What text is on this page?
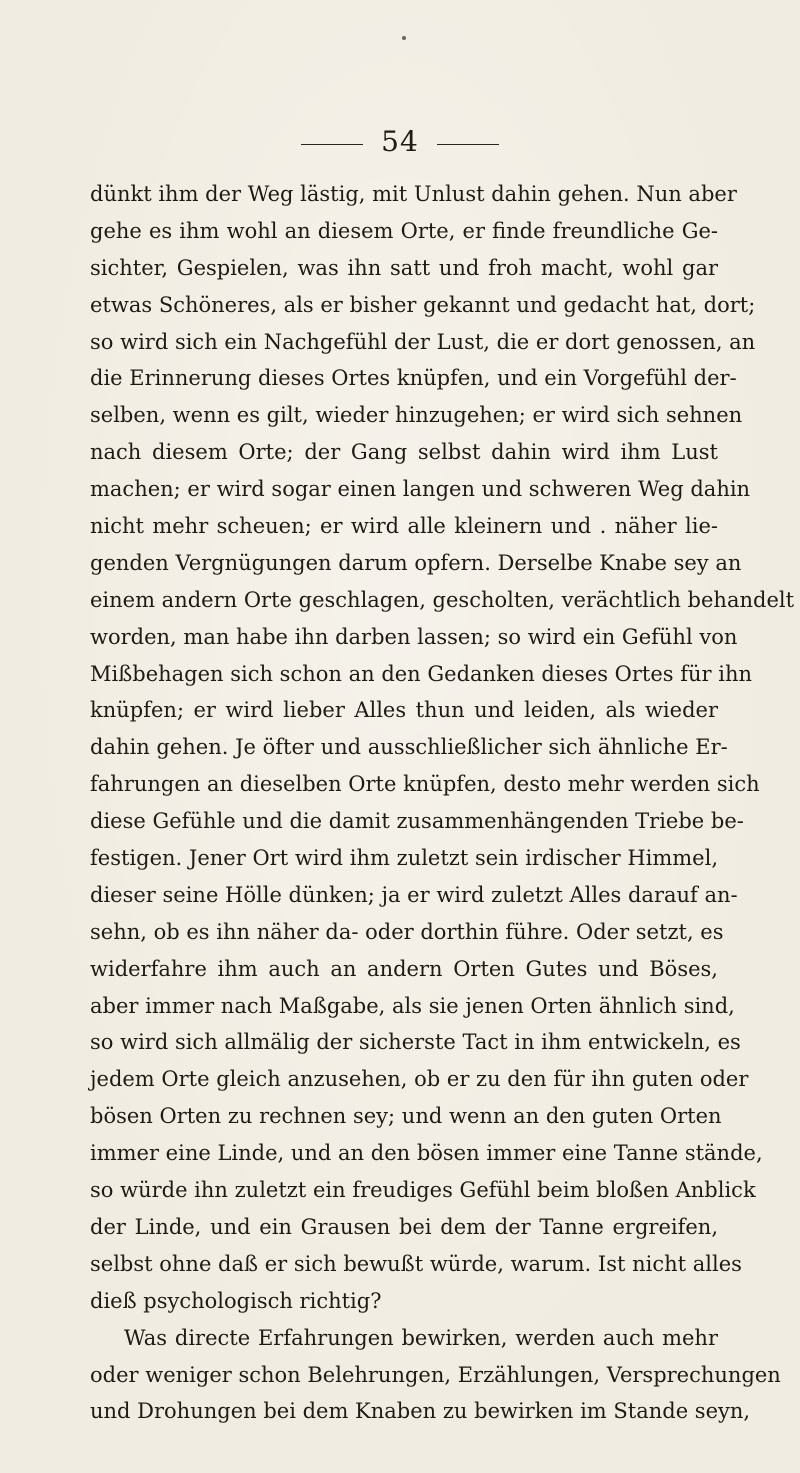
54
dünkt ihm der Weg lästig, mit Unlust dahin gehen. Nun aber
gehe es ihm wohl an diesem Orte, er finde freundliche Ge-
sichter, Gespielen, was ihn satt und froh macht, wohl gar
etwas Schöneres, als er bisher gekannt und gedacht hat, dort;
so wird sich ein Nachgefühl der Lust, die er dort genossen, an
die Erinnerung dieses Ortes knüpfen, und ein Vorgefühl der-
selben, wenn es gilt, wieder hinzugehen; er wird sich sehnen
nach diesem Orte; der Gang selbst dahin wird ihm Lust
machen; er wird sogar einen langen und schweren Weg dahin
nicht mehr scheuen; er wird alle kleinern und . näher lie-
genden Vergnügungen darum opfern. Derselbe Knabe sey an
einem andern Orte geschlagen, gescholten, verächtlich behandelt
worden, man habe ihn darben lassen; so wird ein Gefühl von
Mißbehagen sich schon an den Gedanken dieses Ortes für ihn
knüpfen; er wird lieber Alles thun und leiden, als wieder
dahin gehen. Je öfter und ausschließlicher sich ähnliche Er-
fahrungen an dieselben Orte knüpfen, desto mehr werden sich
diese Gefühle und die damit zusammenhängenden Triebe be-
festigen. Jener Ort wird ihm zuletzt sein irdischer Himmel,
dieser seine Hölle dünken; ja er wird zuletzt Alles darauf an-
sehn, ob es ihn näher da- oder dorthin führe. Oder setzt, es
widerfahre ihm auch an andern Orten Gutes und Böses,
aber immer nach Maßgabe, als sie jenen Orten ähnlich sind,
so wird sich allmälig der sicherste Tact in ihm entwickeln, es
jedem Orte gleich anzusehen, ob er zu den für ihn guten oder
bösen Orten zu rechnen sey; und wenn an den guten Orten
immer eine Linde, und an den bösen immer eine Tanne stände,
so würde ihn zuletzt ein freudiges Gefühl beim bloßen Anblick
der Linde, und ein Grausen bei dem der Tanne ergreifen,
selbst ohne daß er sich bewußt würde, warum. Ist nicht alles
dieß psychologisch richtig?
Was directe Erfahrungen bewirken, werden auch mehr
oder weniger schon Belehrungen, Erzählungen, Versprechungen
und Drohungen bei dem Knaben zu bewirken im Stande seyn,
